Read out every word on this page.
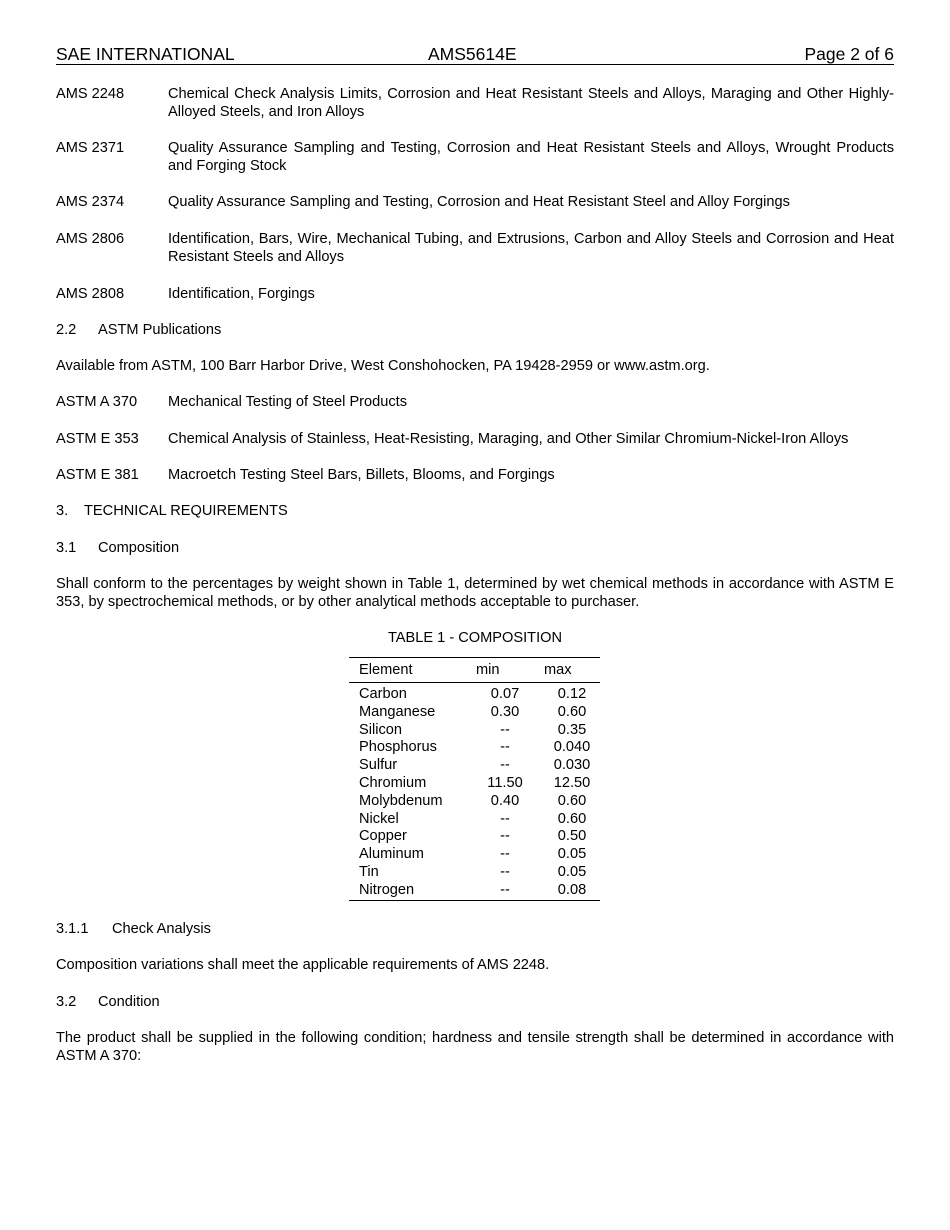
SAE INTERNATIONAL	AMS5614E	Page 2 of 6
AMS 2248	Chemical Check Analysis Limits, Corrosion and Heat Resistant Steels and Alloys, Maraging and Other Highly-Alloyed Steels, and Iron Alloys
AMS 2371	Quality Assurance Sampling and Testing, Corrosion and Heat Resistant Steels and Alloys, Wrought Products and Forging Stock
AMS 2374	Quality Assurance Sampling and Testing, Corrosion and Heat Resistant Steel and Alloy Forgings
AMS 2806	Identification, Bars, Wire, Mechanical Tubing, and Extrusions, Carbon and Alloy Steels and Corrosion and Heat Resistant Steels and Alloys
AMS 2808	Identification, Forgings
2.2	ASTM Publications

Available from ASTM, 100 Barr Harbor Drive, West Conshohocken, PA 19428-2959 or www.astm.org.

ASTM A 370	Mechanical Testing of Steel Products
ASTM E 353	Chemical Analysis of Stainless, Heat-Resisting, Maraging, and Other Similar Chromium-Nickel-Iron Alloys
ASTM E 381	Macroetch Testing Steel Bars, Billets, Blooms, and Forgings
3.	TECHNICAL REQUIREMENTS
3.1	Composition

Shall conform to the percentages by weight shown in Table 1, determined by wet chemical methods in accordance with ASTM E 353, by spectrochemical methods, or by other analytical methods acceptable to purchaser.

TABLE 1 - COMPOSITION
Element	min	max
Carbon	0.07	0.12
Manganese	0.30	0.60
Silicon	--	0.35
Phosphorus	--	0.040
Sulfur	--	0.030
Chromium	11.50	12.50
Molybdenum	0.40	0.60
Nickel	--	0.60
Copper	--	0.50
Aluminum	--	0.05
Tin	--	0.05
Nitrogen	--	0.08
3.1.1	Check Analysis

Composition variations shall meet the applicable requirements of AMS 2248.

3.2	Condition

The product shall be supplied in the following condition; hardness and tensile strength shall be determined in accordance with ASTM A 370:
